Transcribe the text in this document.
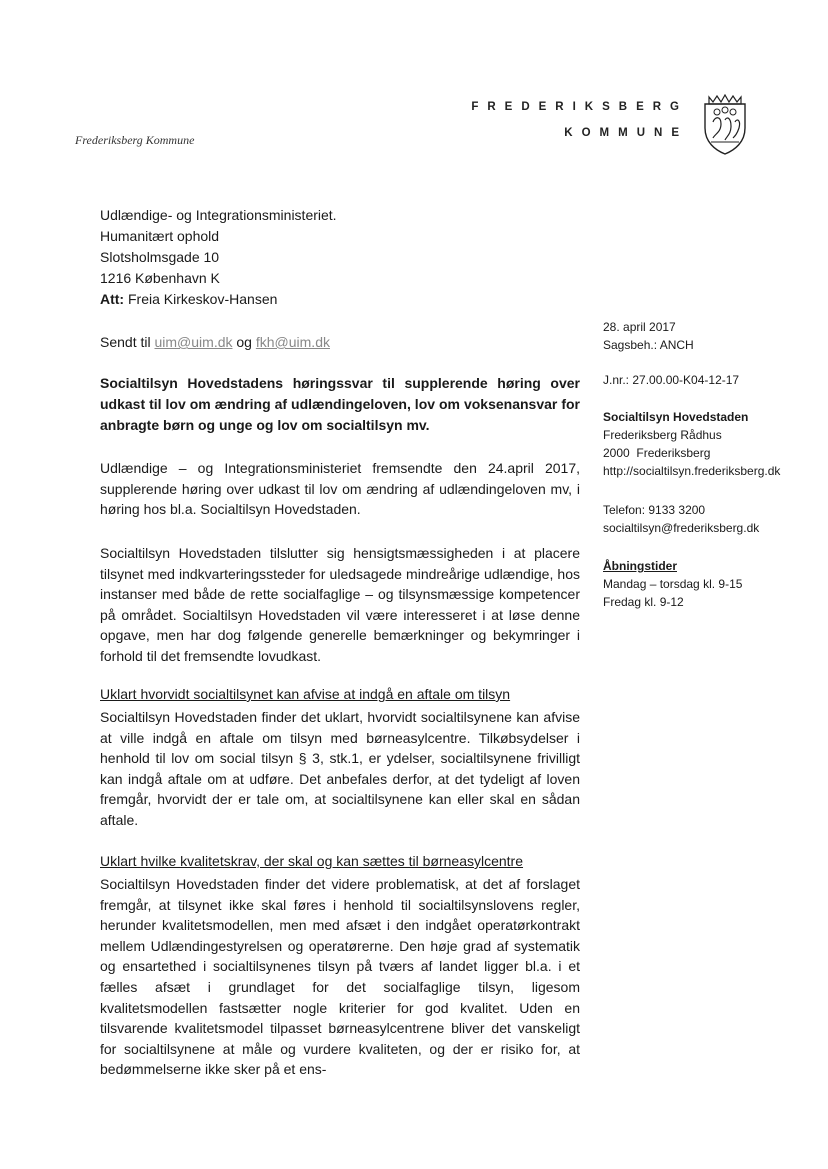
Frederiksberg Kommune
FREDERIKSBERG
KOMMUNE
Udlændige- og Integrationsministeriet.
Humanitært ophold
Slotsholmsgade 10
1216 København K
Att: Freia Kirkeskov-Hansen
Sendt til uim@uim.dk og fkh@uim.dk
28. april 2017
Sagsbeh.: ANCH
J.nr.: 27.00.00-K04-12-17
Socialtilsyn Hovedstaden
Frederiksberg Rådhus
2000  Frederiksberg
http://socialtilsyn.frederiksberg.dk
Telefon: 9133 3200
socialtilsyn@frederiksberg.dk
Åbningstider
Mandag – torsdag kl. 9-15
Fredag kl. 9-12
Socialtilsyn Hovedstadens høringssvar til supplerende høring over udkast til lov om ændring af udlændingeloven, lov om voksenansvar for anbragte børn og unge og lov om socialtilsyn mv.
Udlændige – og Integrationsministeriet fremsendte den 24.april 2017, supplerende høring over udkast til lov om ændring af udlændingeloven mv, i høring hos bl.a. Socialtilsyn Hovedstaden.
Socialtilsyn Hovedstaden tilslutter sig hensigtsmæssigheden i at placere tilsynet med indkvarteringssteder for uledsagede mindreårige udlændige, hos instanser med både de rette socialfaglige – og tilsynsmæssige kompetencer på området. Socialtilsyn Hovedstaden vil være interesseret i at løse denne opgave, men har dog følgende generelle bemærkninger og bekymringer i forhold til det fremsendte lovudkast.
Uklart hvorvidt socialtilsynet kan afvise at indgå en aftale om tilsyn
Socialtilsyn Hovedstaden finder det uklart, hvorvidt socialtilsynene kan afvise at ville indgå en aftale om tilsyn med børneasylcentre. Tilkøbsydelser i henhold til lov om social tilsyn § 3, stk.1, er ydelser, socialtilsynene frivilligt kan indgå aftale om at udføre. Det anbefales derfor, at det tydeligt af loven fremgår, hvorvidt der er tale om, at socialtilsynene kan eller skal en sådan aftale.
Uklart hvilke kvalitetskrav, der skal og kan sættes til børneasylcentre
Socialtilsyn Hovedstaden finder det videre problematisk, at det af forslaget fremgår, at tilsynet ikke skal føres i henhold til socialtilsynslovens regler, herunder kvalitetsmodellen, men med afsæt i den indgået operatørkontrakt mellem Udlændingestyrelsen og operatørerne. Den høje grad af systematik og ensartethed i socialtilsynenes tilsyn på tværs af landet ligger bl.a. i et fælles afsæt i grundlaget for det socialfaglige tilsyn, ligesom kvalitetsmodellen fastsætter nogle kriterier for god kvalitet. Uden en tilsvarende kvalitetsmodel tilpasset børneasylcentrene bliver det vanskeligt for socialtilsynene at måle og vurdere kvaliteten, og der er risiko for, at bedømmelserne ikke sker på et ens-
